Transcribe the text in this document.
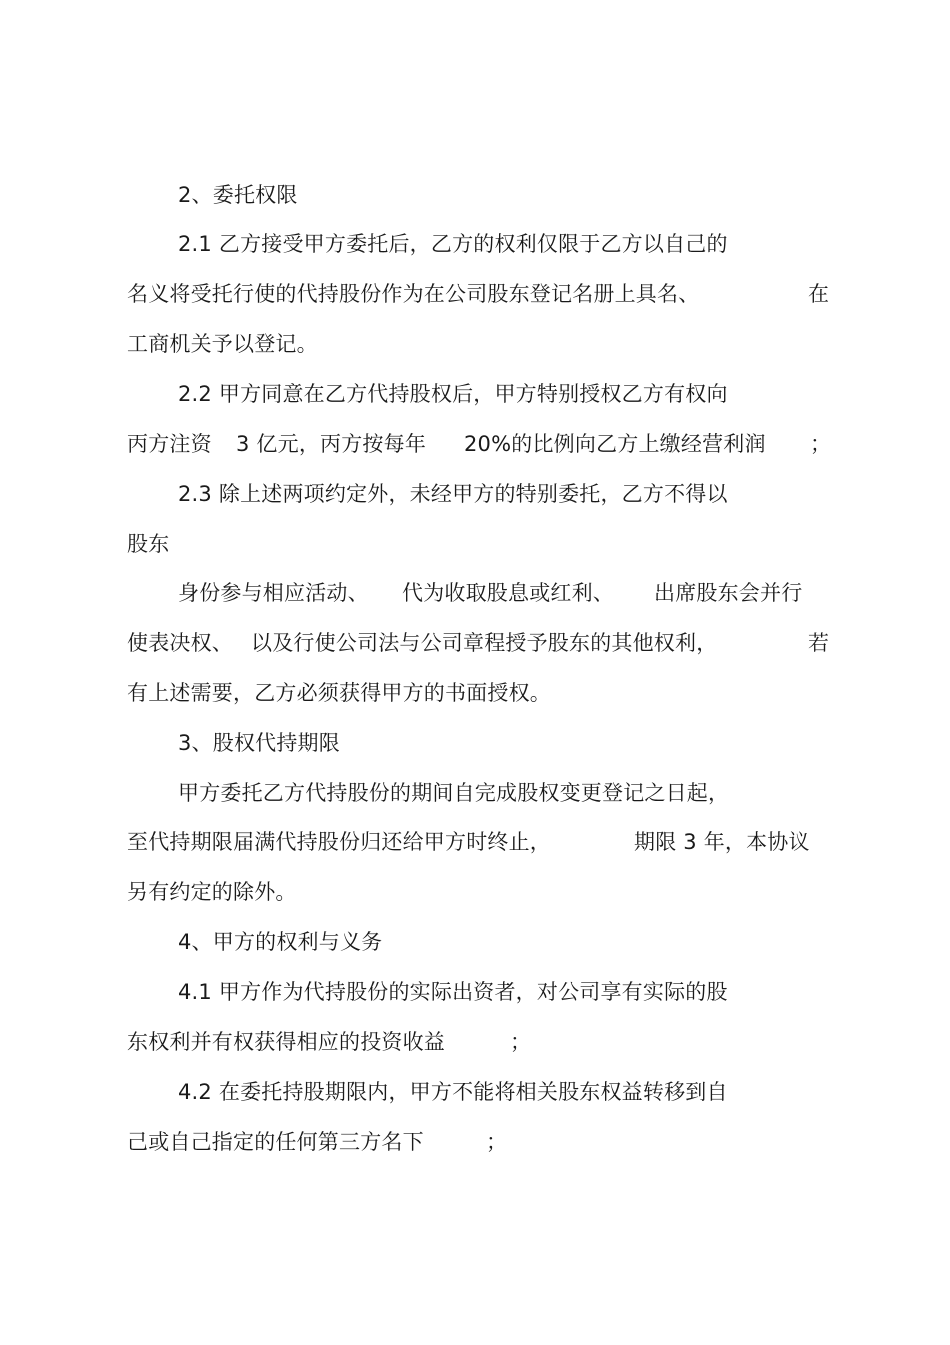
2、委托权限
2.1 乙方接受甲方委托后，乙方的权利仅限于乙方以自己的
名义将受托行使的代持股份作为在公司股东登记名册上具名、	在
工商机关予以登记。
2.2 甲方同意在乙方代持股权后，甲方特别授权乙方有权向
丙方注资 3 亿元，丙方按每年 20%的比例向乙方上缴经营利润 ；
2.3 除上述两项约定外，未经甲方的特别委托，乙方不得以
股东
身份参与相应活动、 代为收取股息或红利、 出席股东会并行
使表决权、 以及行使公司法与公司章程授予股东的其他权利，	若
有上述需要，乙方必须获得甲方的书面授权。
3、股权代持期限
甲方委托乙方代持股份的期间自完成股权变更登记之日起，
至代持期限届满代持股份归还给甲方时终止，	期限 3 年，本协议
另有约定的除外。
4、甲方的权利与义务
4.1 甲方作为代持股份的实际出资者，对公司享有实际的股
东权利并有权获得相应的投资收益	；
4.2 在委托持股期限内，甲方不能将相关股东权益转移到自
己或自己指定的任何第三方名下	；
